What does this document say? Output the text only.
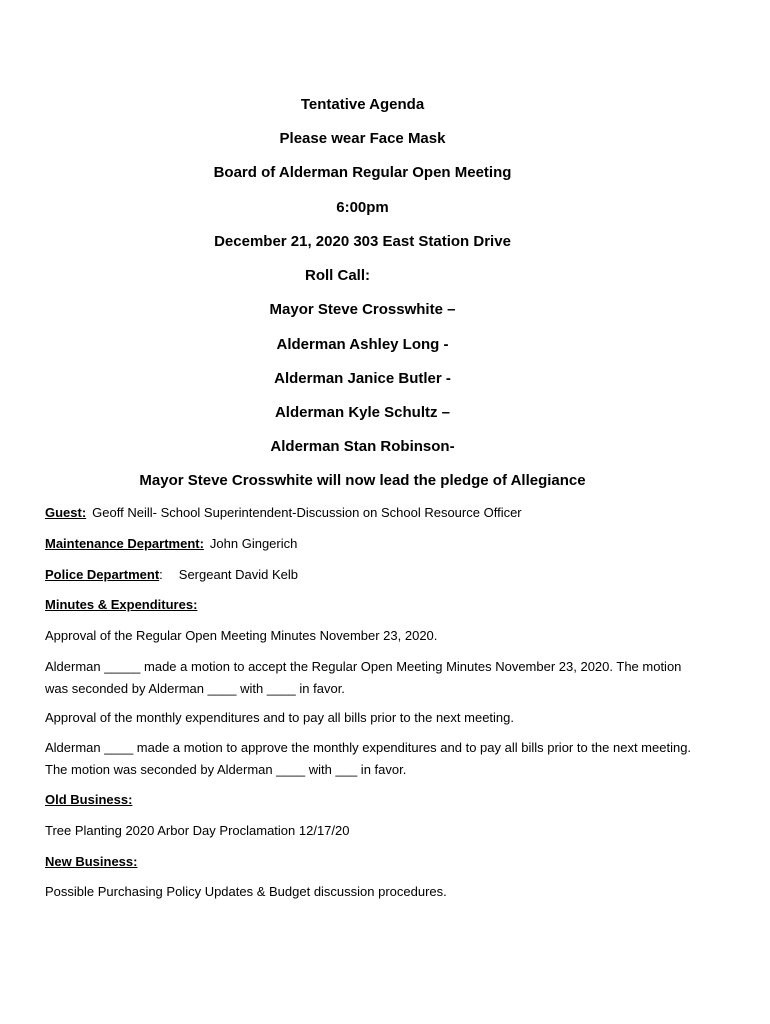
Tentative Agenda
Please wear Face Mask
Board of Alderman Regular Open Meeting
6:00pm
December 21, 2020 303 East Station Drive
Roll Call:
Mayor Steve Crosswhite –
Alderman Ashley Long -
Alderman Janice Butler -
Alderman Kyle Schultz –
Alderman Stan Robinson-
Mayor Steve Crosswhite will now lead the pledge of Allegiance
Guest: Geoff Neill- School Superintendent-Discussion on School Resource Officer
Maintenance Department: John Gingerich
Police Department: Sergeant David Kelb
Minutes & Expenditures:
Approval of the Regular Open Meeting Minutes November 23, 2020.
Alderman _____ made a motion to accept the Regular Open Meeting Minutes November 23, 2020. The motion was seconded by Alderman ____ with ____ in favor.
Approval of the monthly expenditures and to pay all bills prior to the next meeting.
Alderman ____ made a motion to approve the monthly expenditures and to pay all bills prior to the next meeting. The motion was seconded by Alderman ____ with ___ in favor.
Old Business:
Tree Planting 2020 Arbor Day Proclamation 12/17/20
New Business:
Possible Purchasing Policy Updates & Budget discussion procedures.
